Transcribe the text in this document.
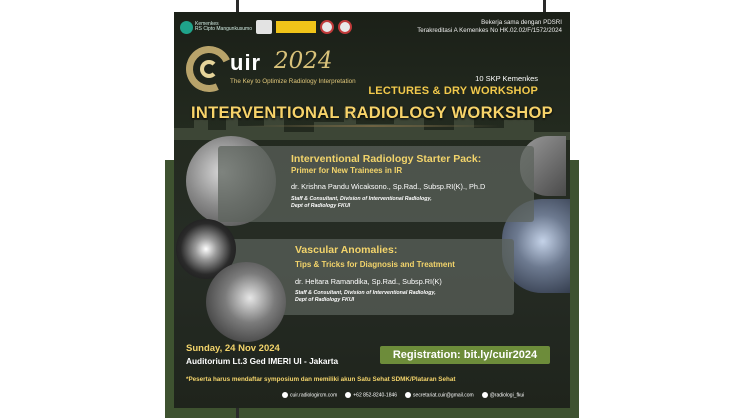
Kemenkes
RS Cipto Mangunkusumo
Bekerja sama dengan PDSRI
Terakreditasi A Kemenkes No HK.02.02/F/1572/2024
uir 2024
The Key to Optimize Radiology Interpretation	10 SKP Kemenkes
LECTURES & DRY WORKSHOP
INTERVENTIONAL RADIOLOGY WORKSHOP
Interventional Radiology Starter Pack:
Primer for New Trainees in IR
dr. Krishna Pandu Wicaksono., Sp.Rad., Subsp.RI(K)., Ph.D
Staff & Consultant, Division of Interventional Radiology,
Dept of Radiology FKUI
Vascular Anomalies:
Tips & Tricks for Diagnosis and Treatment
dr. Heltara Ramandika, Sp.Rad., Subsp.RI(K)
Staff & Consultant, Division of Interventional Radiology,
Dept of Radiology FKUI
Sunday, 24 Nov 2024
Auditorium Lt.3 Ged IMERI UI - Jakarta	Registration: bit.ly/cuir2024
*Peserta harus mendaftar symposium dan memiliki akun Satu Sehat SDMK/Plataran Sehat
cuir.radiologircm.com	+62 852-8240-1846	secretariat.cuir@gmail.com	@radiologi_fkui
